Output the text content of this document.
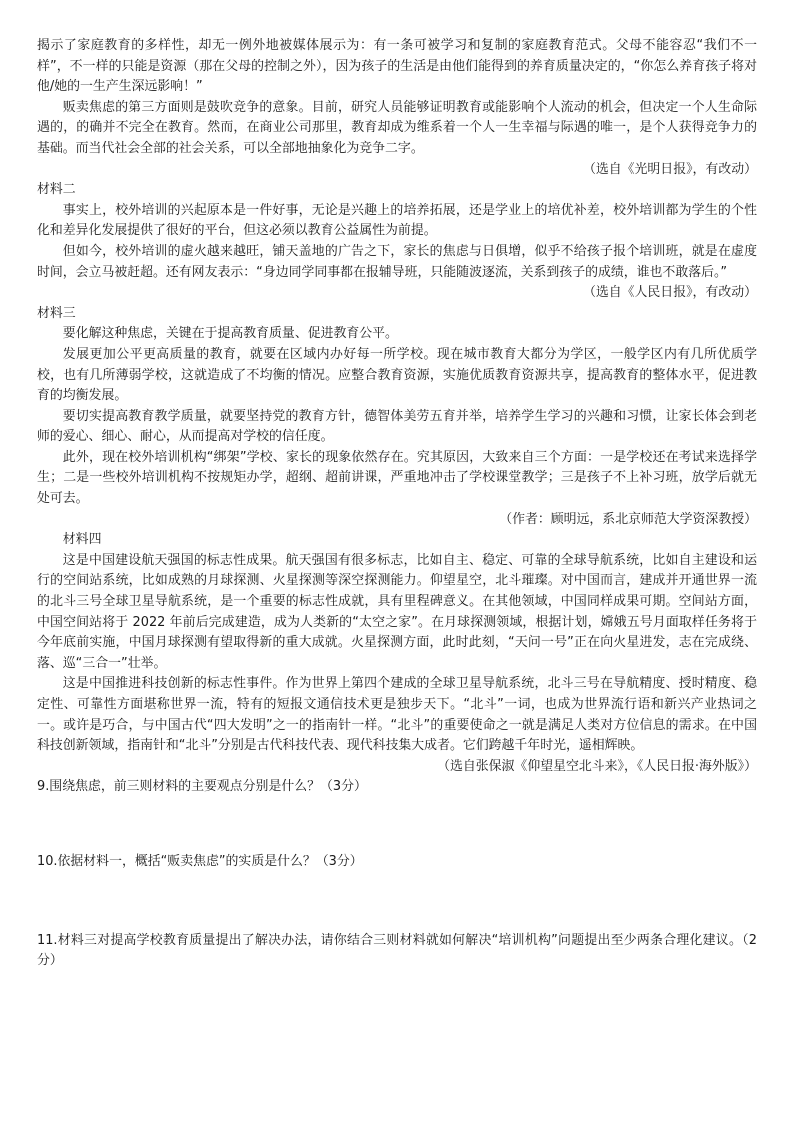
揭示了家庭教育的多样性，却无一例外地被媒体展示为：有一条可被学习和复制的家庭教育范式。父母不能容忍“我们不一样”，不一样的只能是资源（那在父母的控制之外），因为孩子的生活是由他们能得到的养育质量决定的，“你怎么养育孩子将对他/她的一生产生深远影响！”

贩卖焦虑的第三方面则是鼓吹竞争的意象。目前，研究人员能够证明教育或能影响个人流动的机会，但决定一个人生命际遇的，的确并不完全在教育。然而，在商业公司那里，教育却成为维系着一个人一生幸福与际遇的唯一，是个人获得竞争力的基础。而当代社会全部的社会关系，可以全部地抽象化为竞争二字。

（选自《光明日报》，有改动）

材料二

事实上，校外培训的兴起原本是一件好事，无论是兴趣上的培养拓展，还是学业上的培优补差，校外培训都为学生的个性化和差异化发展提供了很好的平台，但这必须以教育公益属性为前提。

但如今，校外培训的虚火越来越旺，铺天盖地的广告之下，家长的焦虑与日俱增，似乎不给孩子报个培训班，就是在虚度时间，会立马被赶超。还有网友表示：“身边同学同事都在报辅导班，只能随波逐流，关系到孩子的成绩，谁也不敢落后。”

（选自《人民日报》，有改动）

材料三

要化解这种焦虑，关键在于提高教育质量、促进教育公平。

发展更加公平更高质量的教育，就要在区域内办好每一所学校。现在城市教育大都分为学区，一般学区内有几所优质学校，也有几所薄弱学校，这就造成了不均衡的情况。应整合教育资源，实施优质教育资源共享，提高教育的整体水平，促进教育的均衡发展。

要切实提高教育教学质量，就要坚持党的教育方针，德智体美劳五育并举，培养学生学习的兴趣和习惯，让家长体会到老师的爱心、细心、耐心，从而提高对学校的信任度。

此外，现在校外培训机构“绑架”学校、家长的现象依然存在。究其原因，大致来自三个方面：一是学校还在考试来选择学生；二是一些校外培训机构不按规矩办学，超纲、超前讲课，严重地冲击了学校课堂教学；三是孩子不上补习班，放学后就无处可去。

（作者：顾明远，系北京师范大学资深教授）

材料四

这是中国建设航天强国的标志性成果。航天强国有很多标志，比如自主、稳定、可靠的全球导航系统，比如自主建设和运行的空间站系统，比如成熟的月球探测、火星探测等深空探测能力。仰望星空，北斗璀璨。对中国而言，建成并开通世界一流的北斗三号全球卫星导航系统，是一个重要的标志性成就，具有里程碑意义。在其他领域，中国同样成果可期。空间站方面，中国空间站将于 2022 年前后完成建造，成为人类新的“太空之家”。在月球探测领域，根据计划，嫦娥五号月面取样任务将于今年底前实施，中国月球探测有望取得新的重大成就。火星探测方面，此时此刻，“天问一号”正在向火星进发，志在完成绕、落、巡“三合一”壮举。

这是中国推进科技创新的标志性事件。作为世界上第四个建成的全球卫星导航系统，北斗三号在导航精度、授时精度、稳定性、可靠性方面堪称世界一流，特有的短报文通信技术更是独步天下。“北斗”一词，也成为世界流行语和新兴产业热词之一。或许是巧合，与中国古代“四大发明”之一的指南针一样。“北斗”的重要使命之一就是满足人类对方位信息的需求。在中国科技创新领域，指南针和“北斗”分别是古代科技代表、现代科技集大成者。它们跨越千年时光，遥相辉映。

（选自张保淑《仰望星空北斗来》，《人民日报·海外版》）

9.围绕焦虑，前三则材料的主要观点分别是什么？（3分）
10.依据材料一，概括“贩卖焦虑”的实质是什么？（3分）

11.材料三对提高学校教育质量提出了解决办法，请你结合三则材料就如何解决“培训机构”问题提出至少两条合理化建议。（2分）
